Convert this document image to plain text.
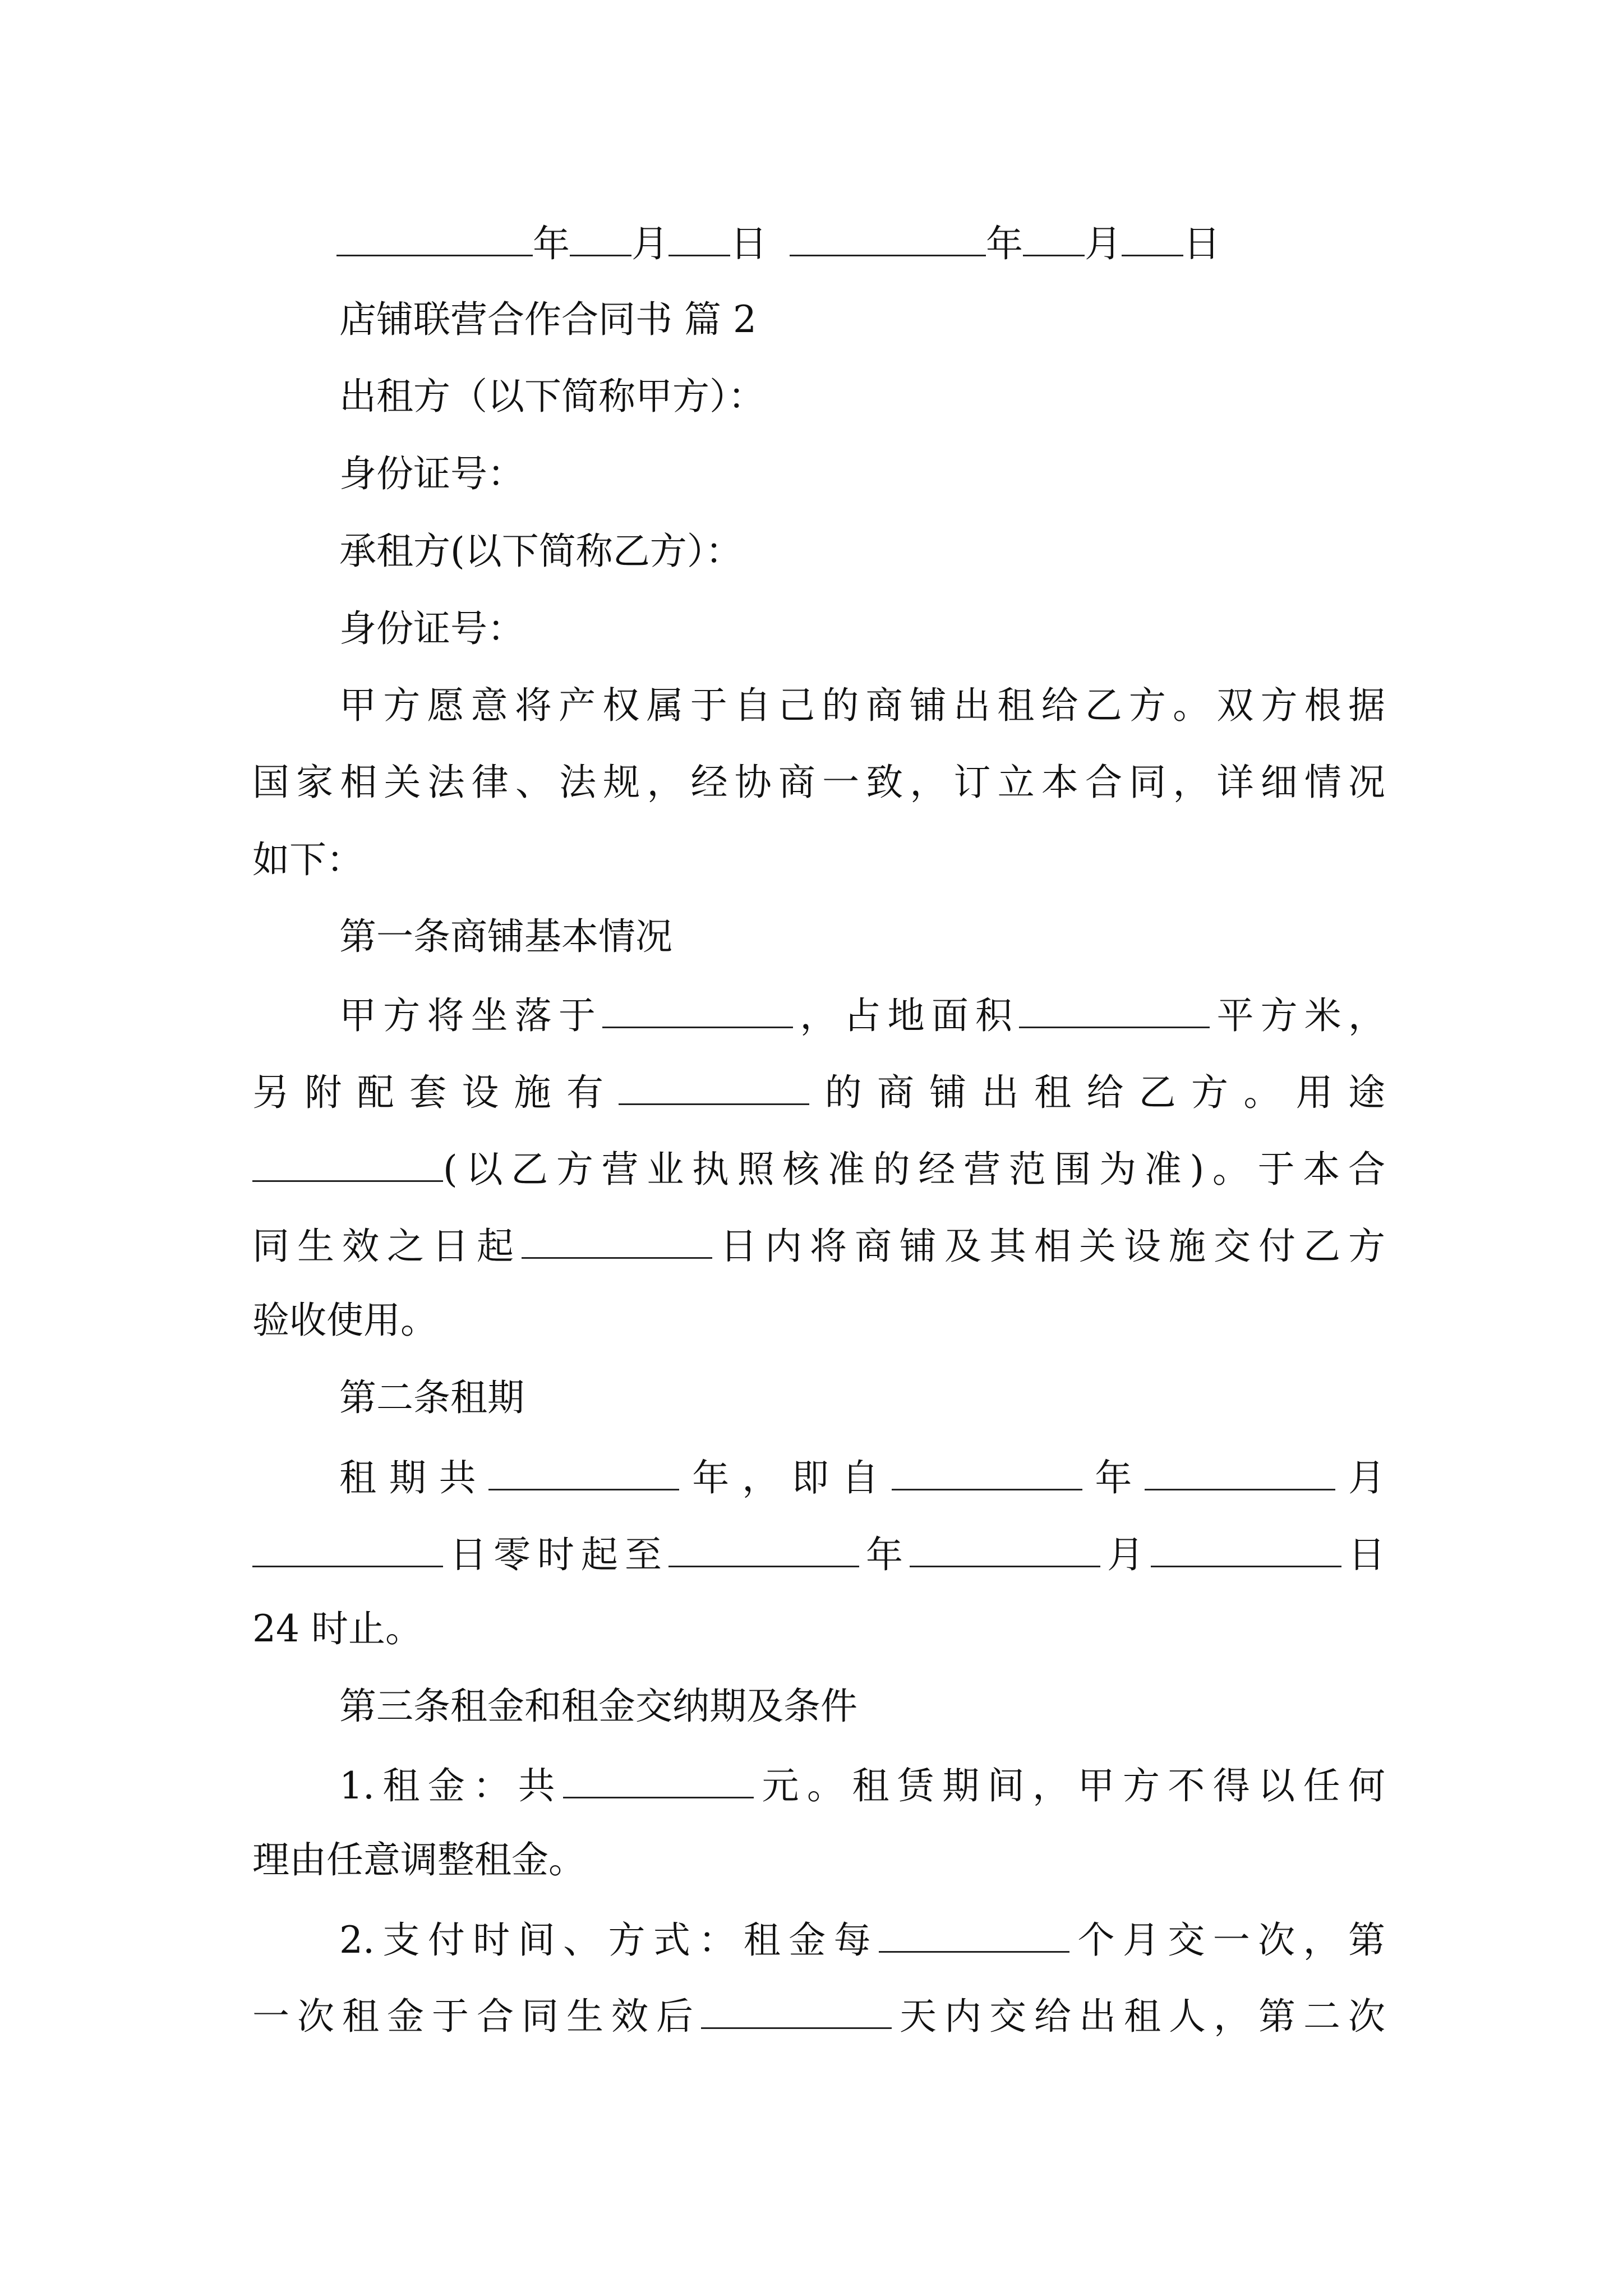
年 月 日	年 月 日
店铺联营合作合同书 篇 2
出租方（以下简称甲方）：
身份证号：
承租方(以下简称乙方）：
身份证号：
甲方愿意将产权属于自己的商铺出租给乙方。双方根据
国家相关法律、法规，经协商一致，订立本合同，详细情况
如下：
第一条商铺基本情况
甲方将坐落于	，占地面积	平方米，
另附配套设施有	的商铺出租给乙方。用途
(以乙方营业执照核准的经营范围为准)。于本合
同生效之日起	日内将商铺及其相关设施交付乙方
验收使用。
第二条租期
租期共	年，即自	年	月
日零时起至	年	月	日
24 时止。
第三条租金和租金交纳期及条件
1.租金：共	元。租赁期间，甲方不得以任何
理由任意调整租金。
2.支付时间、方式：租金每	个月交一次，第
一次租金于合同生效后	天内交给出租人，第二次
